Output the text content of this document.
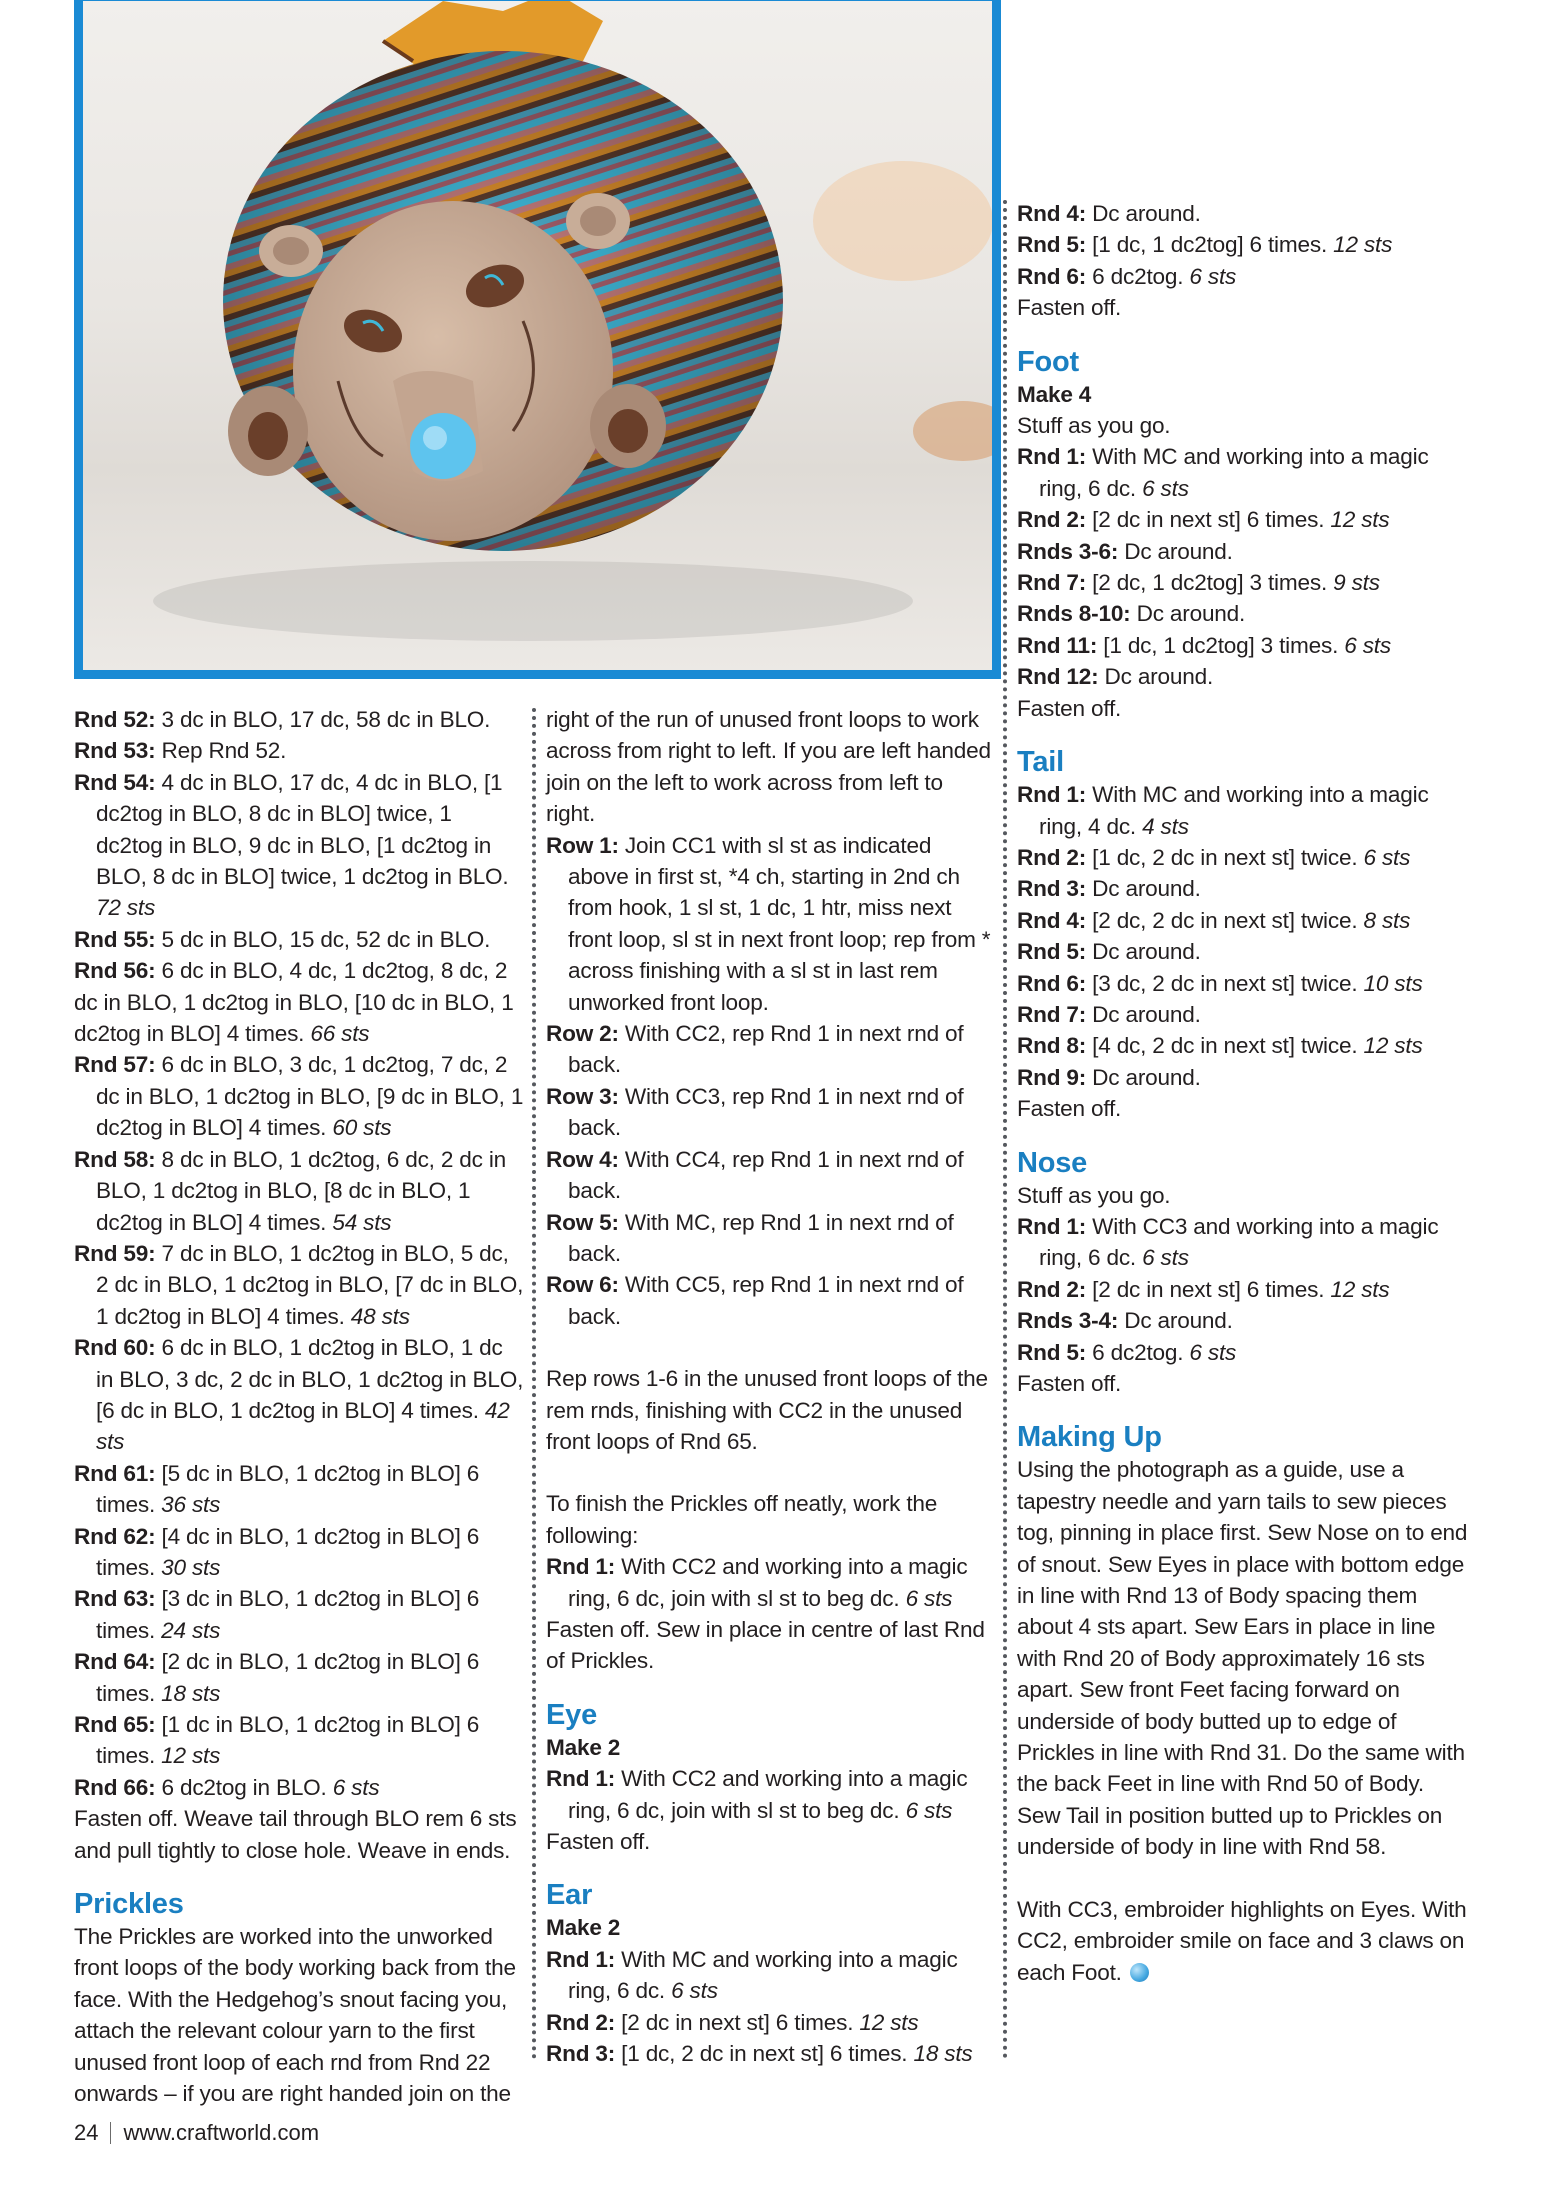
Rnd 52: 3 dc in BLO, 17 dc, 58 dc in BLO.
Rnd 53: Rep Rnd 52.
Rnd 54: 4 dc in BLO, 17 dc, 4 dc in BLO, [1 dc2tog in BLO, 8 dc in BLO] twice, 1 dc2tog in BLO, 9 dc in BLO, [1 dc2tog in BLO, 8 dc in BLO] twice, 1 dc2tog in BLO. 72 sts
Rnd 55: 5 dc in BLO, 15 dc, 52 dc in BLO.
Rnd 56: 6 dc in BLO, 4 dc, 1 dc2tog, 8 dc, 2 dc in BLO, 1 dc2tog in BLO, [10 dc in BLO, 1 dc2tog in BLO] 4 times. 66 sts
Rnd 57: 6 dc in BLO, 3 dc, 1 dc2tog, 7 dc, 2 dc in BLO, 1 dc2tog in BLO, [9 dc in BLO, 1 dc2tog in BLO] 4 times. 60 sts
Rnd 58: 8 dc in BLO, 1 dc2tog, 6 dc, 2 dc in BLO, 1 dc2tog in BLO, [8 dc in BLO, 1 dc2tog in BLO] 4 times. 54 sts
Rnd 59: 7 dc in BLO, 1 dc2tog in BLO, 5 dc, 2 dc in BLO, 1 dc2tog in BLO, [7 dc in BLO, 1 dc2tog in BLO] 4 times. 48 sts
Rnd 60: 6 dc in BLO, 1 dc2tog in BLO, 1 dc in BLO, 3 dc, 2 dc in BLO, 1 dc2tog in BLO, [6 dc in BLO, 1 dc2tog in BLO] 4 times. 42 sts
Rnd 61: [5 dc in BLO, 1 dc2tog in BLO] 6 times. 36 sts
Rnd 62: [4 dc in BLO, 1 dc2tog in BLO] 6 times. 30 sts
Rnd 63: [3 dc in BLO, 1 dc2tog in BLO] 6 times. 24 sts
Rnd 64: [2 dc in BLO, 1 dc2tog in BLO] 6 times. 18 sts
Rnd 65: [1 dc in BLO, 1 dc2tog in BLO] 6 times. 12 sts
Rnd 66: 6 dc2tog in BLO. 6 sts
Fasten off. Weave tail through BLO rem 6 sts and pull tightly to close hole. Weave in ends.
Prickles
The Prickles are worked into the unworked front loops of the body working back from the face. With the Hedgehog’s snout facing you, attach the relevant colour yarn to the first unused front loop of each rnd from Rnd 22 onwards – if you are right handed join on the
right of the run of unused front loops to work across from right to left. If you are left handed join on the left to work across from left to right.
Row 1: Join CC1 with sl st as indicated above in first st, *4 ch, starting in 2nd ch from hook, 1 sl st, 1 dc, 1 htr, miss next front loop, sl st in next front loop; rep from * across finishing with a sl st in last rem unworked front loop.
Row 2: With CC2, rep Rnd 1 in next rnd of back.
Row 3: With CC3, rep Rnd 1 in next rnd of back.
Row 4: With CC4, rep Rnd 1 in next rnd of back.
Row 5: With MC, rep Rnd 1 in next rnd of back.
Row 6: With CC5, rep Rnd 1 in next rnd of back.
Rep rows 1-6 in the unused front loops of the rem rnds, finishing with CC2 in the unused front loops of Rnd 65.
To finish the Prickles off neatly, work the following:
Rnd 1: With CC2 and working into a magic ring, 6 dc, join with sl st to beg dc. 6 sts
Fasten off. Sew in place in centre of last Rnd of Prickles.
Eye
Make 2
Rnd 1: With CC2 and working into a magic ring, 6 dc, join with sl st to beg dc. 6 sts
Fasten off.
Ear
Make 2
Rnd 1: With MC and working into a magic ring, 6 dc. 6 sts
Rnd 2: [2 dc in next st] 6 times. 12 sts
Rnd 3: [1 dc, 2 dc in next st] 6 times. 18 sts
Rnd 4: Dc around.
Rnd 5: [1 dc, 1 dc2tog] 6 times. 12 sts
Rnd 6: 6 dc2tog. 6 sts
Fasten off.
Foot
Make 4
Stuff as you go.
Rnd 1: With MC and working into a magic ring, 6 dc. 6 sts
Rnd 2: [2 dc in next st] 6 times. 12 sts
Rnds 3-6: Dc around.
Rnd 7: [2 dc, 1 dc2tog] 3 times. 9 sts
Rnds 8-10: Dc around.
Rnd 11: [1 dc, 1 dc2tog] 3 times. 6 sts
Rnd 12: Dc around.
Fasten off.
Tail
Rnd 1: With MC and working into a magic ring, 4 dc. 4 sts
Rnd 2: [1 dc, 2 dc in next st] twice. 6 sts
Rnd 3: Dc around.
Rnd 4: [2 dc, 2 dc in next st] twice. 8 sts
Rnd 5: Dc around.
Rnd 6: [3 dc, 2 dc in next st] twice. 10 sts
Rnd 7: Dc around.
Rnd 8: [4 dc, 2 dc in next st] twice. 12 sts
Rnd 9: Dc around.
Fasten off.
Nose
Stuff as you go.
Rnd 1: With CC3 and working into a magic ring, 6 dc. 6 sts
Rnd 2: [2 dc in next st] 6 times. 12 sts
Rnds 3-4: Dc around.
Rnd 5: 6 dc2tog. 6 sts
Fasten off.
Making Up
Using the photograph as a guide, use a tapestry needle and yarn tails to sew pieces tog, pinning in place first. Sew Nose on to end of snout. Sew Eyes in place with bottom edge in line with Rnd 13 of Body spacing them about 4 sts apart. Sew Ears in place in line with Rnd 20 of Body approximately 16 sts apart. Sew front Feet facing forward on underside of body butted up to edge of Prickles in line with Rnd 31. Do the same with the back Feet in line with Rnd 50 of Body. Sew Tail in position butted up to Prickles on underside of body in line with Rnd 58.
With CC3, embroider highlights on Eyes. With CC2, embroider smile on face and 3 claws on each Foot.
24 www.craftworld.com
